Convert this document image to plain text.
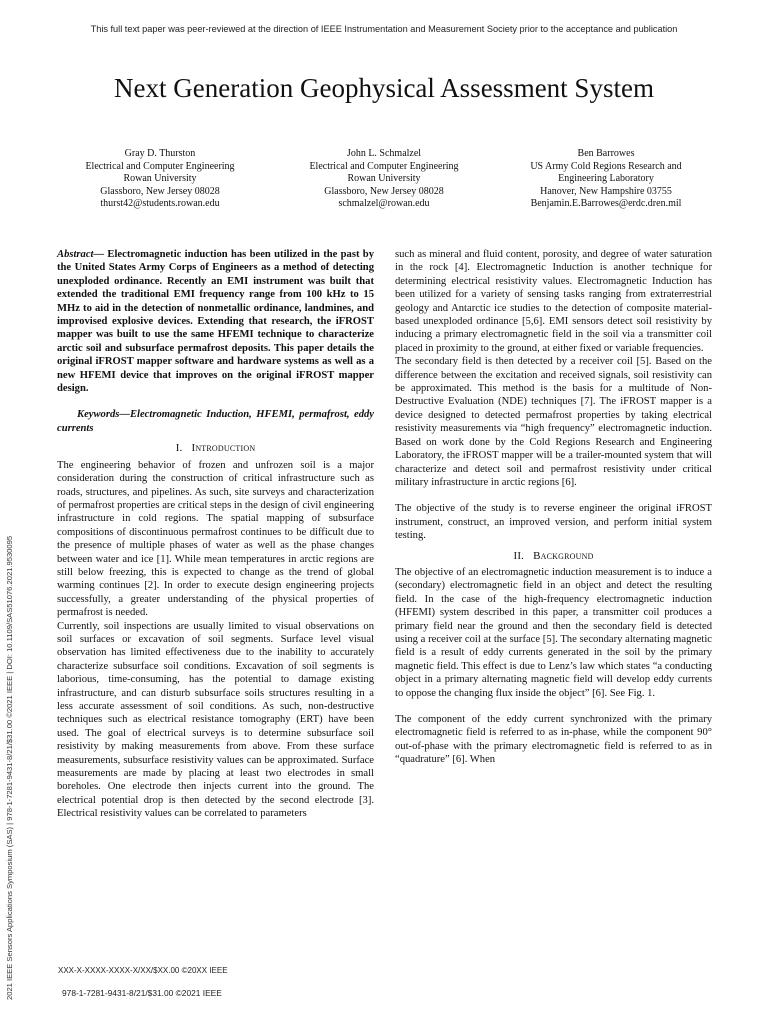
This full text paper was peer-reviewed at the direction of IEEE Instrumentation and Measurement Society prior to the acceptance and publication
Next Generation Geophysical Assessment System
Gray D. Thurston
Electrical and Computer Engineering
Rowan University
Glassboro, New Jersey 08028
thurst42@students.rowan.edu
John L. Schmalzel
Electrical and Computer Engineering
Rowan University
Glassboro, New Jersey 08028
schmalzel@rowan.edu
Ben Barrowes
US Army Cold Regions Research and
Engineering Laboratory
Hanover, New Hampshire 03755
Benjamin.E.Barrowes@erdc.dren.mil
2021 IEEE Sensors Applications Symposium (SAS) | 978-1-7281-9431-8/21/$31.00 ©2021 IEEE | DOI: 10.1109/SAS51076.2021.9530095

Abstract— Electromagnetic induction has been utilized in the past by the United States Army Corps of Engineers as a method of detecting unexploded ordinance. Recently an EMI instrument was built that extended the traditional EMI frequency range from 100 kHz to 15 MHz to aid in the detection of nonmetallic ordinance, landmines, and improvised explosive devices. Extending that research, the iFROST mapper was built to use the same HFEMI technique to characterize arctic soil and subsurface permafrost deposits. This paper details the original iFROST mapper software and hardware systems as well as a new HFEMI device that improves on the original iFROST mapper design.

Keywords—Electromagnetic Induction, HFEMI, permafrost, eddy currents

I. Introduction

The engineering behavior of frozen and unfrozen soil is a major consideration during the construction of critical infrastructure such as roads, structures, and pipelines. As such, site surveys and characterization of permafrost properties are critical steps in the design of civil engineering infrastructure in cold regions. The spatial mapping of subsurface compositions of discontinuous permafrost continues to be difficult due to the presence of multiple phases of water as well as the phase changes between water and ice [1]. While mean temperatures in arctic regions are still below freezing, this is expected to change as the trend of global warming continues [2]. In order to execute design engineering projects successfully, a greater understanding of the physical properties of permafrost is needed.

Currently, soil inspections are usually limited to visual observations on soil surfaces or excavation of soil segments. Surface level visual observation has limited effectiveness due to the inability to accurately characterize subsurface soil conditions. Excavation of soil segments is laborious, time-consuming, has the potential to damage existing infrastructure, and can disturb subsurface soils structures resulting in a less accurate assessment of soil conditions. As such, non-destructive techniques such as electrical resistance tomography (ERT) have been used. The goal of electrical surveys is to determine subsurface soil resistivity by making measurements from above. From these surface measurements, subsurface resistivity values can be approximated. Surface measurements are made by placing at least two electrodes in small boreholes. One electrode then injects current into the ground. The electrical potential drop is then detected by the second electrode [3]. Electrical resistivity values can be correlated to parameters

such as mineral and fluid content, porosity, and degree of water saturation in the rock [4]. Electromagnetic Induction is another technique for determining electrical resistivity values. Electromagnetic Induction has been utilized for a variety of sensing tasks ranging from extraterrestrial geology and Antarctic ice studies to the detection of composite material-based unexploded ordinance [5,6]. EMI sensors detect soil resistivity by inducing a primary electromagnetic field in the soil via a transmitter coil placed in proximity to the ground, at either fixed or variable frequencies.

The secondary field is then detected by a receiver coil [5]. Based on the difference between the excitation and received signals, soil resistivity can be approximated. This method is the basis for a multitude of Non-Destructive Evaluation (NDE) techniques [7]. The iFROST mapper is a device designed to detected permafrost properties by taking electrical resistivity measurements via “high frequency” electromagnetic induction. Based on work done by the Cold Regions Research and Engineering Laboratory, the iFROST mapper will be a trailer-mounted system that will characterize and detect soil and permafrost resistivity under critical military infrastructure in arctic regions [6].

The objective of the study is to reverse engineer the original iFROST instrument, construct, an improved version, and perform initial system testing.

II. Background

The objective of an electromagnetic induction measurement is to induce a (secondary) electromagnetic field in an object and detect the resulting field. In the case of the high-frequency electromagnetic induction (HFEMI) system described in this paper, a transmitter coil produces a primary field near the ground and then the secondary field is detected using a receiver coil at the surface [5]. The secondary alternating magnetic field is a result of eddy currents generated in the soil by the primary magnetic field. This effect is due to Lenz’s law which states “a conducting object in a primary alternating magnetic field will develop eddy currents to oppose the changing flux inside the object” [6]. See Fig. 1.

The component of the eddy current synchronized with the primary electromagnetic field is referred to as in-phase, while the component 90° out-of-phase with the primary electromagnetic field is referred to as in “quadrature” [6]. When

XXX-X-XXXX-XXXX-X/XX/$XX.00 ©20XX IEEE
978-1-7281-9431-8/21/$31.00 ©2021 IEEE
